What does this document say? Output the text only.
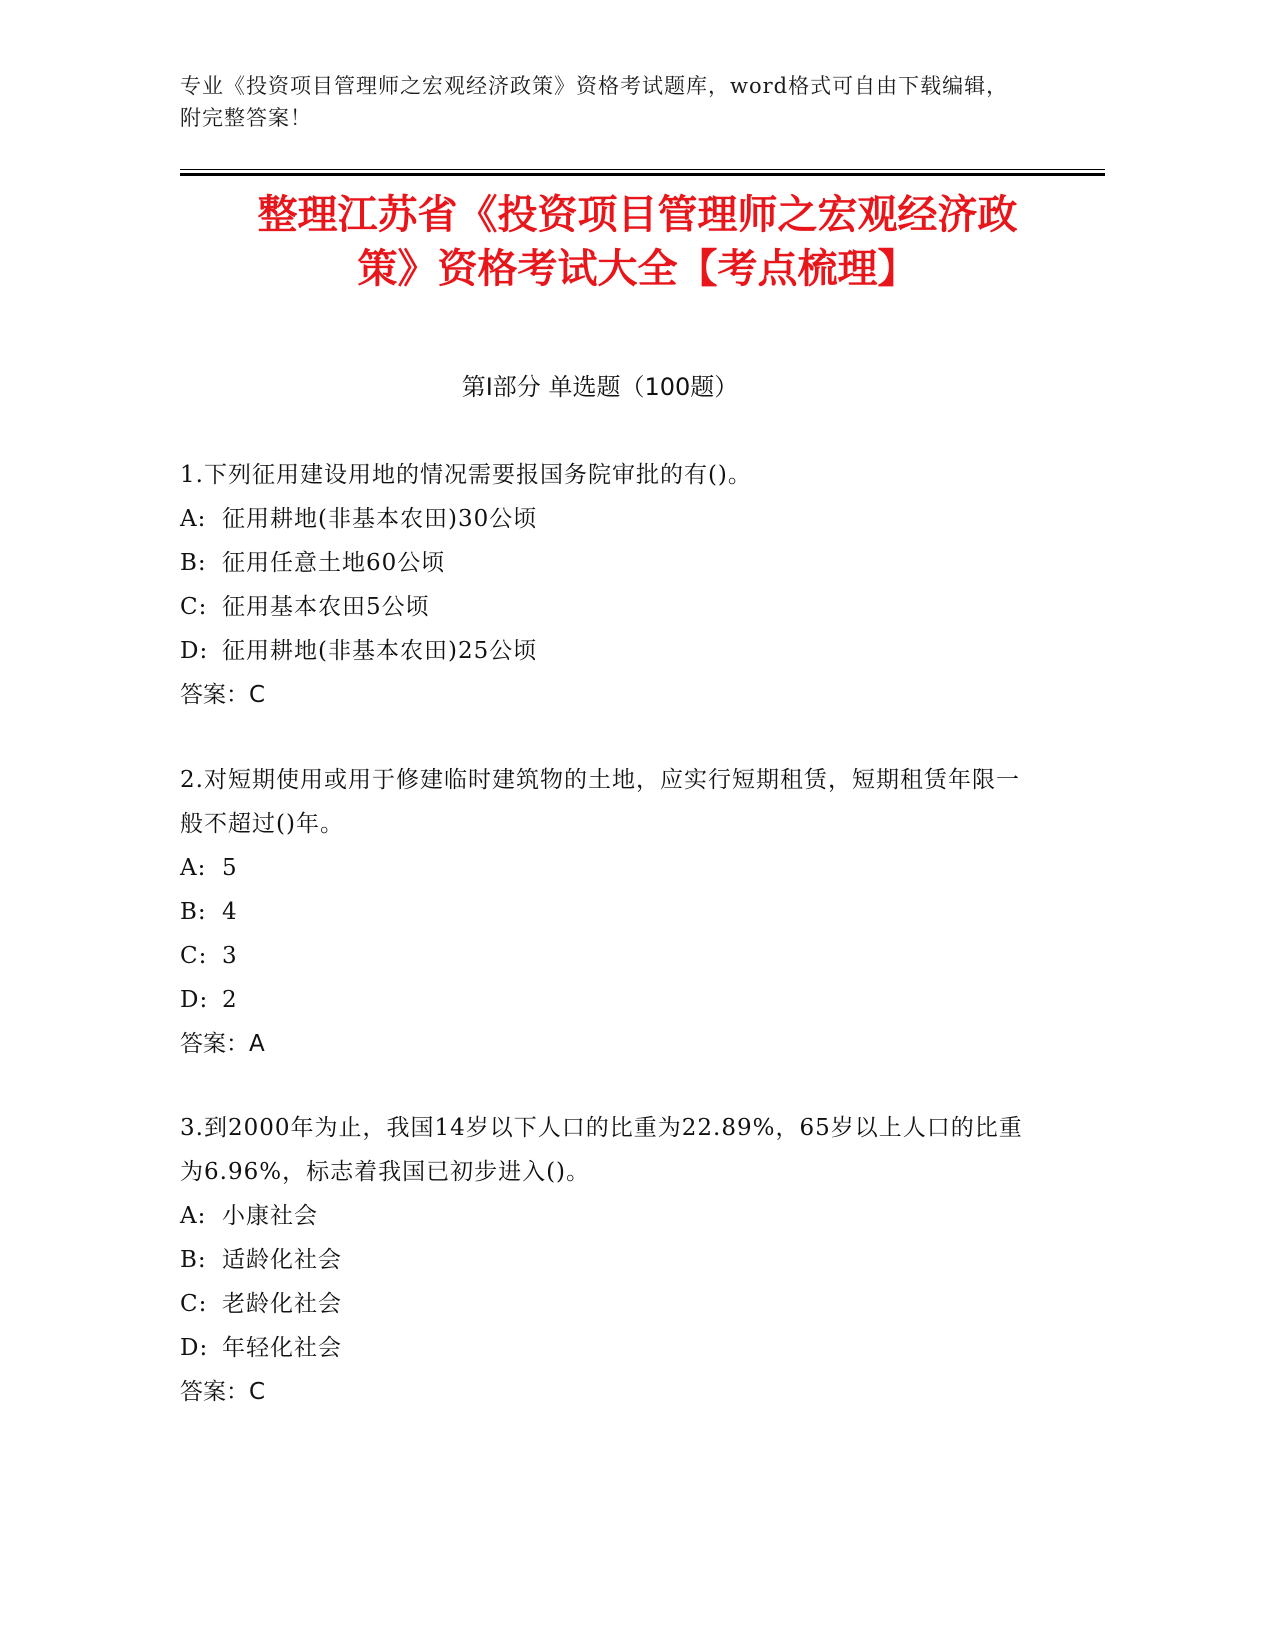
专业《投资项目管理师之宏观经济政策》资格考试题库，word格式可自由下载编辑，附完整答案！
整理江苏省《投资项目管理师之宏观经济政
策》资格考试大全【考点梳理】
第Ⅰ部分 单选题（100题）
1.下列征用建设用地的情况需要报国务院审批的有()。
A: 征用耕地(非基本农田)30公顷
B: 征用任意土地60公顷
C: 征用基本农田5公顷
D: 征用耕地(非基本农田)25公顷
答案：C
2.对短期使用或用于修建临时建筑物的土地，应实行短期租赁，短期租赁年限一般不超过()年。
A: 5
B: 4
C: 3
D: 2
答案：A
3.到2000年为止，我国14岁以下人口的比重为22.89%，65岁以上人口的比重为6.96%，标志着我国已初步进入()。
A: 小康社会
B: 适龄化社会
C: 老龄化社会
D: 年轻化社会
答案：C
